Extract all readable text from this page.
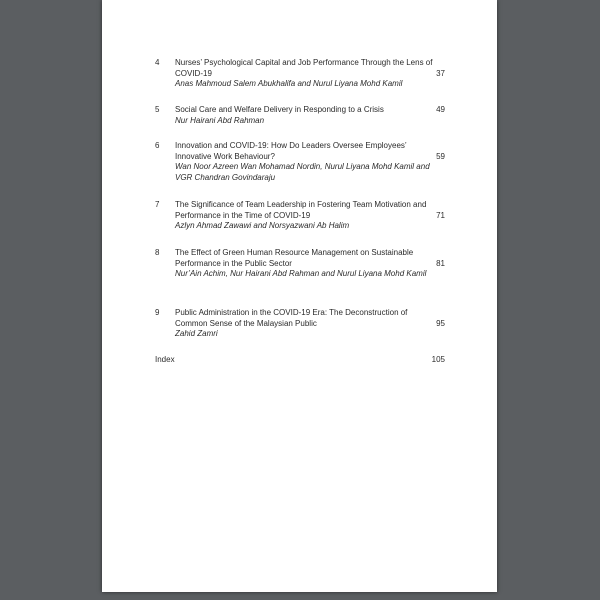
4	Nurses’ Psychological Capital and Job Performance Through the Lens of COVID-19
Anas Mahmoud Salem Abukhalifa and Nurul Liyana Mohd Kamil
37
5	Social Care and Welfare Delivery in Responding to a Crisis
Nur Hairani Abd Rahman
49
6	Innovation and COVID-19: How Do Leaders Oversee Employees’ Innovative Work Behaviour?
Wan Noor Azreen Wan Mohamad Nordin, Nurul Liyana Mohd Kamil and VGR Chandran Govindaraju
59
7	The Significance of Team Leadership in Fostering Team Motivation and Performance in the Time of COVID-19
Azlyn Ahmad Zawawi and Norsyazwani Ab Halim
71
8	The Effect of Green Human Resource Management on Sustainable Performance in the Public Sector
Nur’Ain Achim, Nur Hairani Abd Rahman and Nurul Liyana Mohd Kamil
81
9	Public Administration in the COVID-19 Era: The Deconstruction of Common Sense of the Malaysian Public
Zahid Zamri
95
Index	105
